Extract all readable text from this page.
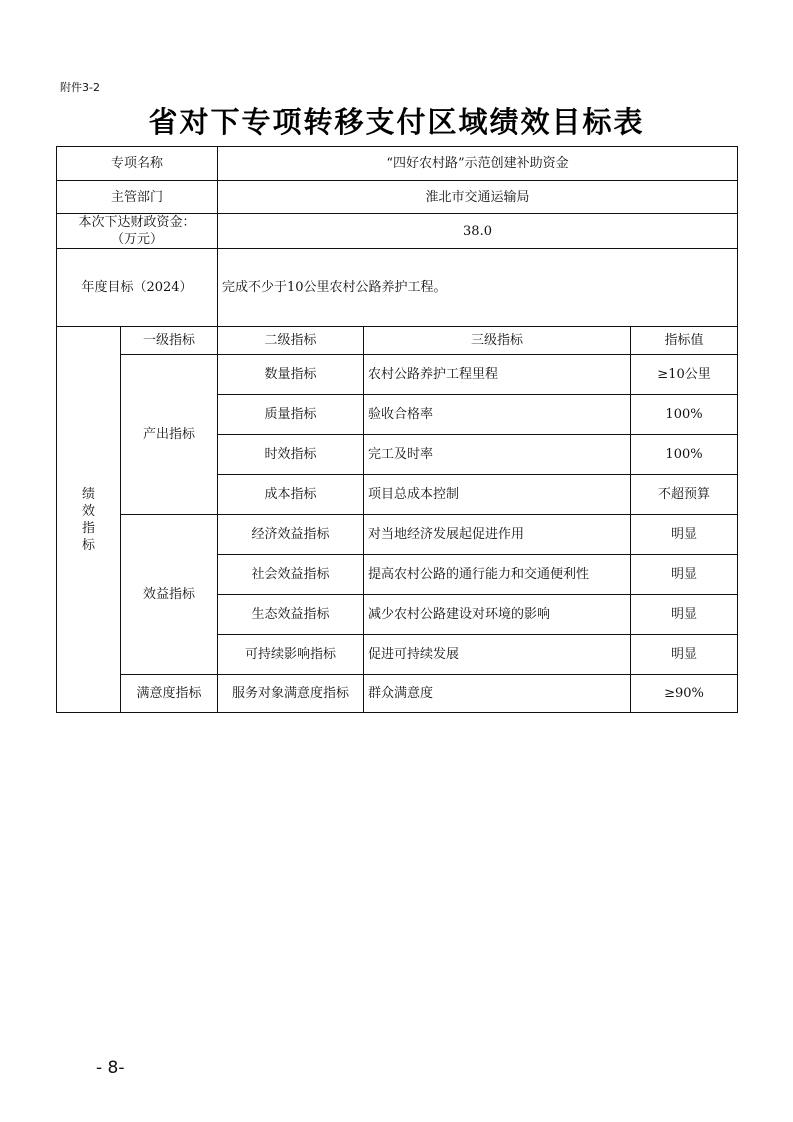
附件3-2
省对下专项转移支付区域绩效目标表
专项名称		“四好农村路”示范创建补助资金		
主管部门		淮北市交通运输局		

本次下达财政资金：
（万元）		38.0		
年度目标（2024）		完成不少于10公里农村公路养护工程。		

绩
效
指
标	一级指标	二级指标	三级指标	指标值
	产出指标	数量指标	农村公路养护工程里程	≥10公里
		质量指标	验收合格率	100%
		时效指标	完工及时率	100%
		成本指标	项目总成本控制	不超预算
	效益指标	经济效益指标	对当地经济发展起促进作用	明显
		社会效益指标	提高农村公路的通行能力和交通便利性	明显
		生态效益指标	减少农村公路建设对环境的影响	明显
		可持续影响指标	促进可持续发展	明显
	满意度指标	服务对象满意度指标	群众满意度	≥90%
- 8-
